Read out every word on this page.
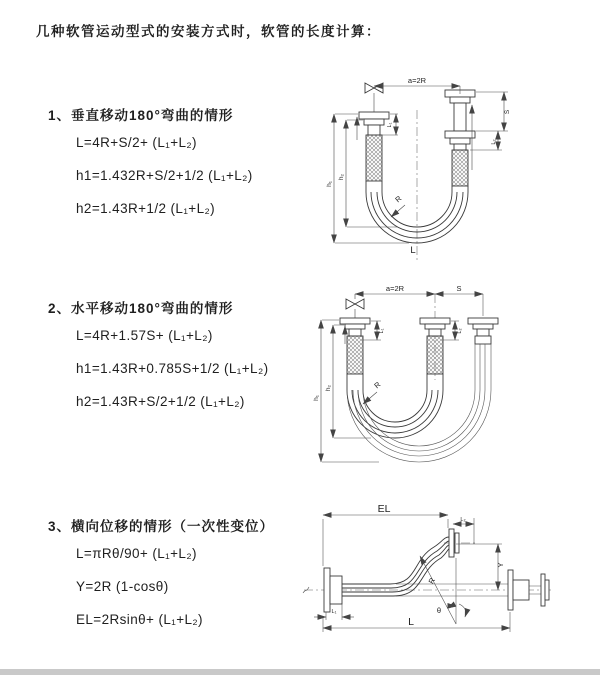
几种软管运动型式的安装方式时，软管的长度计算：
1、垂直移动180°弯曲的情形
L=4R+S/2+ (L₁+L₂)
h1=1.432R+S/2+1/2 (L₁+L₂)
h2=1.43R+1/2 (L₁+L₂)
a=2R
h₁
h₂
L₁
S
L₂
R
L
2、水平移动180°弯曲的情形
L=4R+1.57S+ (L₁+L₂)
h1=1.43R+0.785S+1/2 (L₁+L₂)
h2=1.43R+S/2+1/2 (L₁+L₂)
a=2R	S
L₁	L₂
h₁
h₂	R
3、横向位移的情形（一次性变位）
L=πRθ/90+ (L₁+L₂)
Y=2R (1-cosθ)
EL=2Rsinθ+ (L₁+L₂)
EL
L₂
Y
R
θ
L
L₁
